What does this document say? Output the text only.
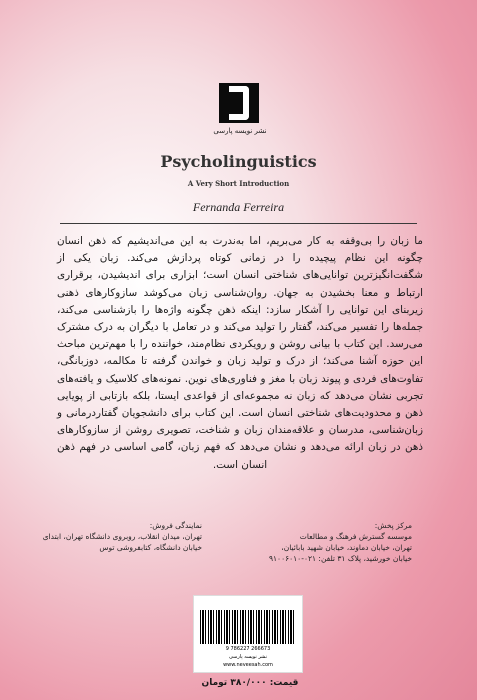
نشر نویسه پارسی
Psycholinguistics
A Very Short Introduction
Fernanda Ferreira
ما زبان را بی‌وقفه به کار می‌بریم، اما به‌ندرت به این می‌اندیشیم که ذهن انسان چگونه این نظام پیچیده را در زمانی کوتاه پردازش می‌کند. زبان یکی از شگفت‌انگیزترین توانایی‌های شناختی انسان است؛ ابزاری برای اندیشیدن، برقراری ارتباط و معنا بخشیدن به جهان. روان‌شناسی زبان می‌کوشد سازوکارهای ذهنی زیربنای این توانایی را آشکار سازد: اینکه ذهن چگونه واژه‌ها را بازشناسی می‌کند، جمله‌ها را تفسیر می‌کند، گفتار را تولید می‌کند و در تعامل با دیگران به درک مشترک می‌رسد. این کتاب با بیانی روشن و رویکردی نظام‌مند، خواننده را با مهم‌ترین مباحث این حوزه آشنا می‌کند؛ از درک و تولید زبان و خواندن گرفته تا مکالمه، دوزبانگی، تفاوت‌های فردی و پیوند زبان با مغز و فناوری‌های نوین. نمونه‌های کلاسیک و یافته‌های تجربی نشان می‌دهد که زبان نه مجموعه‌ای از قواعدی ایستا، بلکه بازتابی از پویایی ذهن و محدودیت‌های شناختی انسان است. این کتاب برای دانشجویان گفتاردرمانی و زبان‌شناسی، مدرسان و علاقه‌مندان زبان و شناخت، تصویری روشن از سازوکارهای ذهن در زبان ارائه می‌دهد و نشان می‌دهد که فهم زبان، گامی اساسی در فهم ذهن انسان است.
مرکز پخش:
موسسه گسترش فرهنگ و مطالعات
تهران، خیابان دماوند، خیابان شهید بابائیان،
خیابان خورشید، پلاک ۳۱ تلفن: ۰۲۱-۹۱۰۰۶۰۱۰
نمایندگی فروش:
تهران، میدان انقلاب، روبروی دانشگاه تهران، ابتدای
خیابان دانشگاه، کتابفروشی توس
9 786227 266673
نشر نویسه پارسی
www.neveesah.com
قیمت: ۳۸۰/۰۰۰ تومان
